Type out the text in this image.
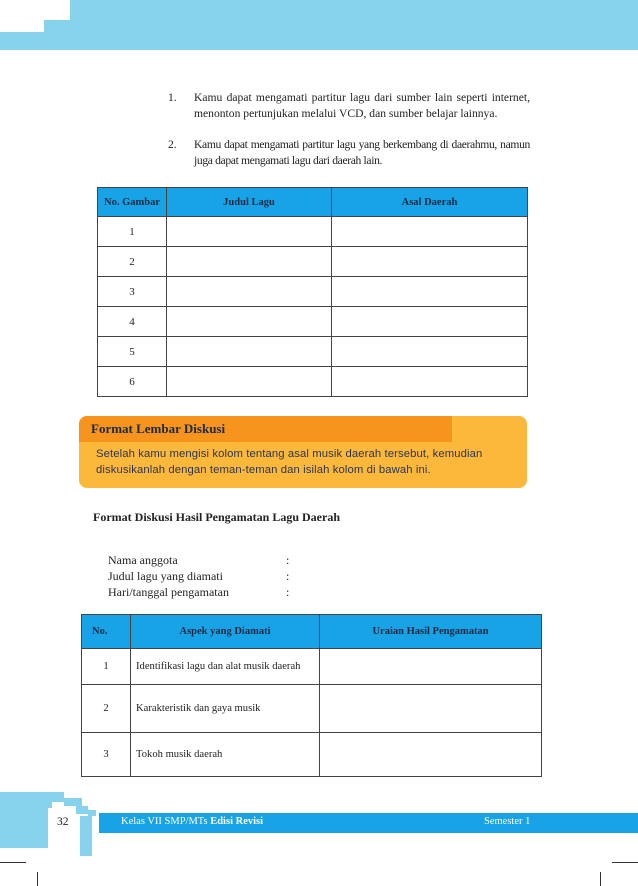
1. Kamu dapat mengamati partitur lagu dari sumber lain seperti internet, menonton pertunjukan melalui VCD, dan sumber belajar lainnya.
2. Kamu dapat mengamati partitur lagu yang berkembang di daerahmu, namun juga dapat mengamati lagu dari daerah lain.
No. Gambar	Judul Lagu	Asal Daerah
1		
2		
3		
4		
5		
6		
Format Lembar Diskusi
Setelah kamu mengisi kolom tentang asal musik daerah tersebut, kemudian diskusikanlah dengan teman-teman dan isilah kolom di bawah ini.
Format Diskusi Hasil Pengamatan Lagu Daerah
Nama anggota	:
Judul lagu yang diamati	:
Hari/tanggal pengamatan	:
No.	Aspek yang Diamati	Uraian Hasil Pengamatan
1	Identifikasi lagu dan alat musik daerah	
2	Karakteristik dan gaya musik	
3	Tokoh musik daerah	
32	Kelas VII SMP/MTs Edisi Revisi	Semester 1
